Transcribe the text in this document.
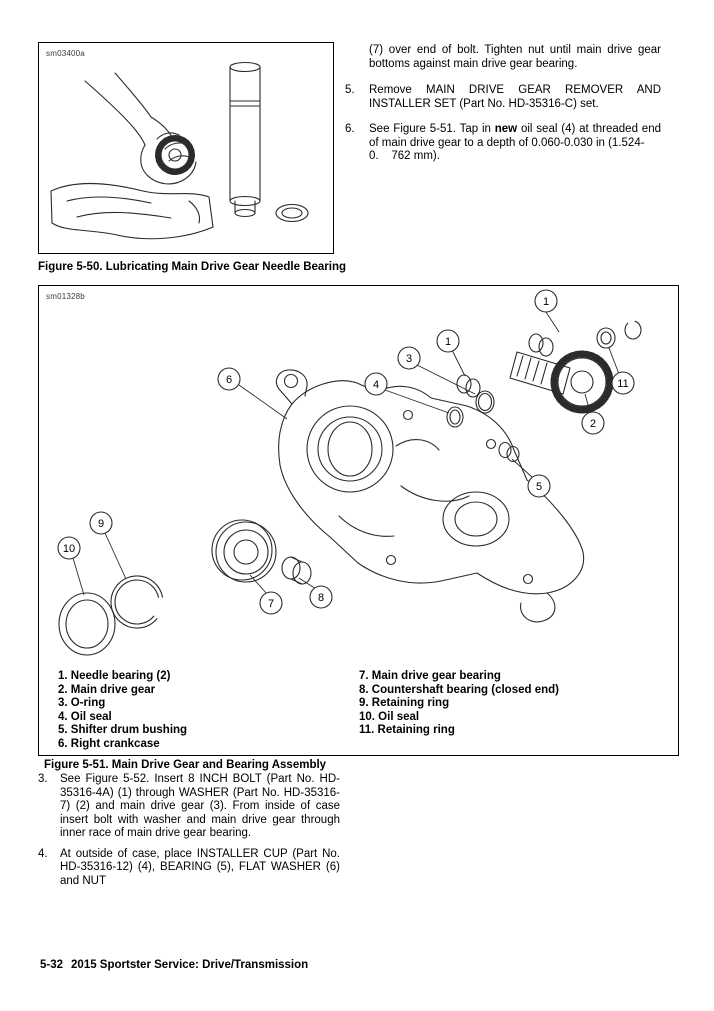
sm03400a
Figure 5-50. Lubricating Main Drive Gear Needle Bearing

(7) over end of bolt. Tighten nut until main drive gear bottoms against main drive gear bearing.

5.	Remove MAIN DRIVE GEAR REMOVER AND INSTALLER SET (Part No. HD-35316-C) set.
6.	See Figure 5-51. Tap in new oil seal (4) at threaded end of main drive gear to a depth of 0.060-0.030 in (1.524-
0.    762 mm).
1
1
11
2
3
4
6
5
9
10
7	8
sm01328b
1. Needle bearing (2)
2. Main drive gear
3. O-ring
4. Oil seal
5. Shifter drum bushing
6. Right crankcase
7. Main drive gear bearing
8. Countershaft bearing (closed end)
9. Retaining ring
10. Oil seal
11. Retaining ring
Figure 5-51. Main Drive Gear and Bearing Assembly
3.	See Figure 5-52. Insert 8 INCH BOLT (Part No. HD-35316-4A) (1) through WASHER (Part No. HD-35316-7) (2) and main drive gear (3). From inside of case insert bolt with washer and main drive gear through inner race of main drive gear bearing.
4.	At outside of case, place INSTALLER CUP (Part No. HD-35316-12) (4), BEARING (5), FLAT WASHER (6) and NUT
5-32 2015 Sportster Service: Drive/Transmission
